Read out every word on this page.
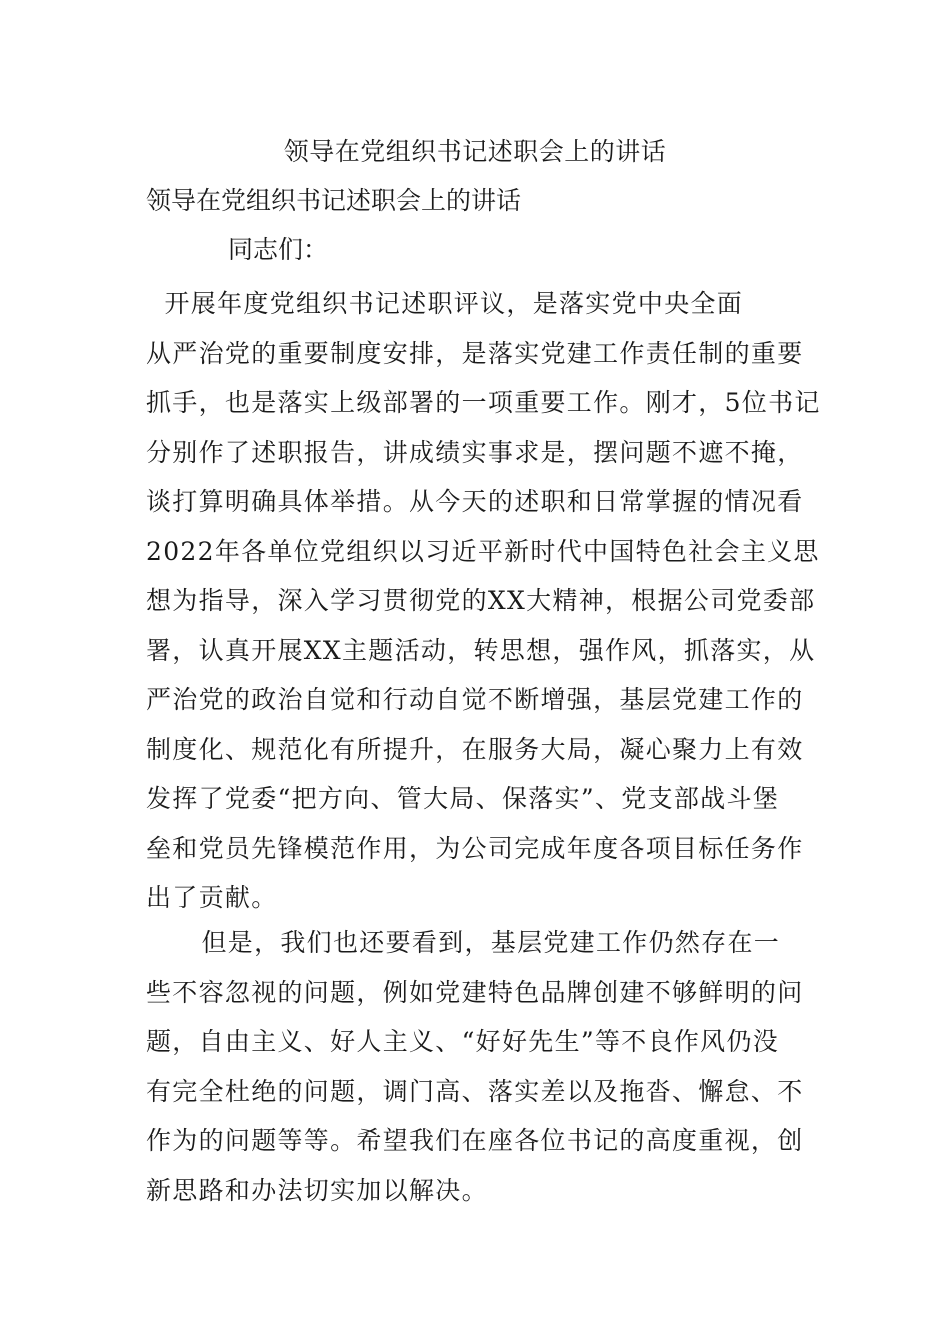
领导在党组织书记述职会上的讲话
领导在党组织书记述职会上的讲话
同志们：
开展年度党组织书记述职评议，是落实党中央全面
从严治党的重要制度安排，是落实党建工作责任制的重要
抓手，也是落实上级部署的一项重要工作。刚才，5位书记
分别作了述职报告，讲成绩实事求是，摆问题不遮不掩，
谈打算明确具体举措。从今天的述职和日常掌握的情况看
2022年各单位党组织以习近平新时代中国特色社会主义思
想为指导，深入学习贯彻党的XX大精神，根据公司党委部
署，认真开展XX主题活动，转思想，强作风，抓落实，从
严治党的政治自觉和行动自觉不断增强，基层党建工作的
制度化、规范化有所提升，在服务大局，凝心聚力上有效
发挥了党委“把方向、管大局、保落实”、党支部战斗堡
垒和党员先锋模范作用，为公司完成年度各项目标任务作
出了贡献。
但是，我们也还要看到，基层党建工作仍然存在一
些不容忽视的问题，例如党建特色品牌创建不够鲜明的问
题，自由主义、好人主义、“好好先生”等不良作风仍没
有完全杜绝的问题，调门高、落实差以及拖沓、懈怠、不
作为的问题等等。希望我们在座各位书记的高度重视，创
新思路和办法切实加以解决。
